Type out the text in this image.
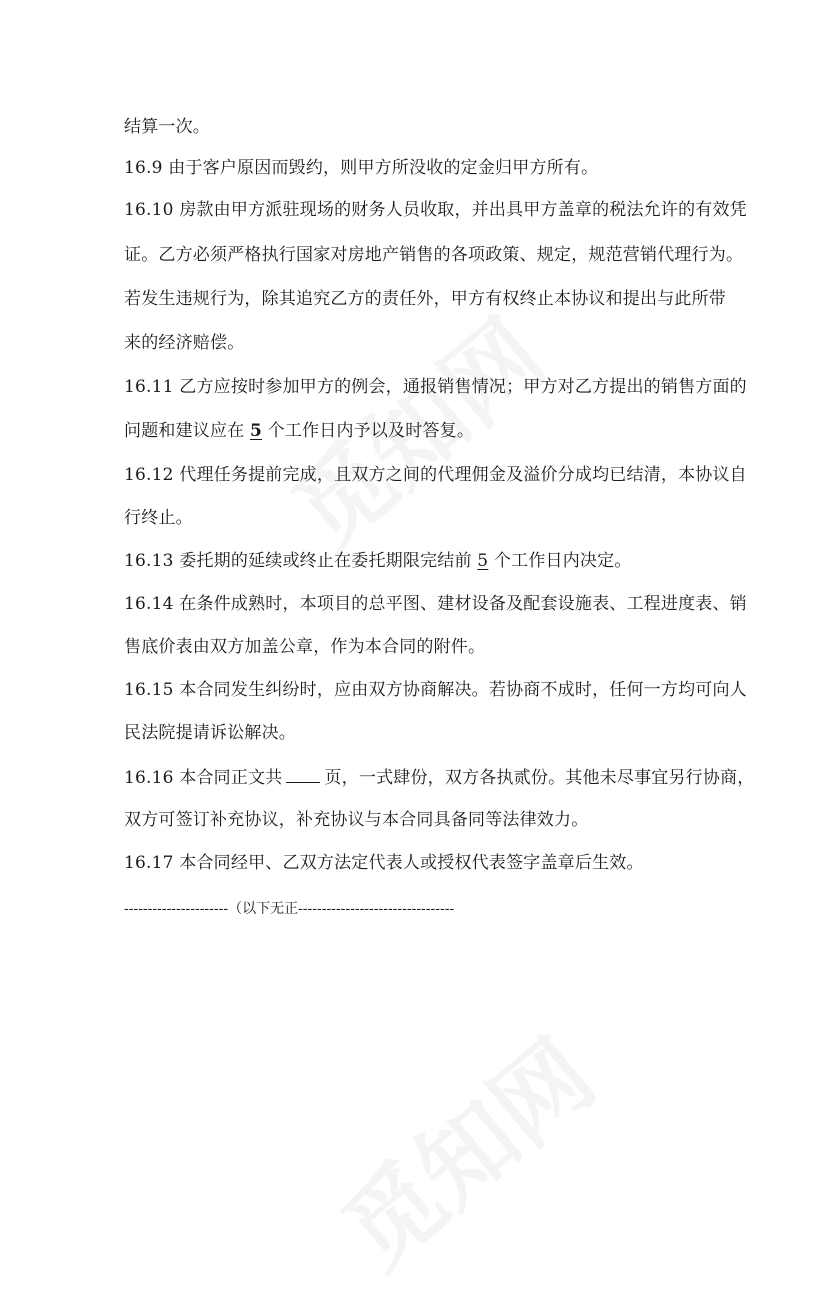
结算一次。
16.9 由于客户原因而毁约，则甲方所没收的定金归甲方所有。
16.10 房款由甲方派驻现场的财务人员收取，并出具甲方盖章的税法允许的有效凭
证。乙方必须严格执行国家对房地产销售的各项政策、规定，规范营销代理行为。
若发生违规行为，除其追究乙方的责任外，甲方有权终止本协议和提出与此所带
来的经济赔偿。
16.11 乙方应按时参加甲方的例会，通报销售情况；甲方对乙方提出的销售方面的
问题和建议应在 5 个工作日内予以及时答复。
16.12 代理任务提前完成，且双方之间的代理佣金及溢价分成均已结清，本协议自
行终止。
16.13 委托期的延续或终止在委托期限完结前 5 个工作日内决定。
16.14 在条件成熟时，本项目的总平图、建材设备及配套设施表、工程进度表、销
售底价表由双方加盖公章，作为本合同的附件。
16.15 本合同发生纠纷时，应由双方协商解决。若协商不成时，任何一方均可向人
民法院提请诉讼解决。
16.16 本合同正文共 页，一式肆份，双方各执贰份。其他未尽事宜另行协商，
双方可签订补充协议，补充协议与本合同具备同等法律效力。
16.17 本合同经甲、乙双方法定代表人或授权代表签字盖章后生效。
----------------------（以下无正---------------------------------
